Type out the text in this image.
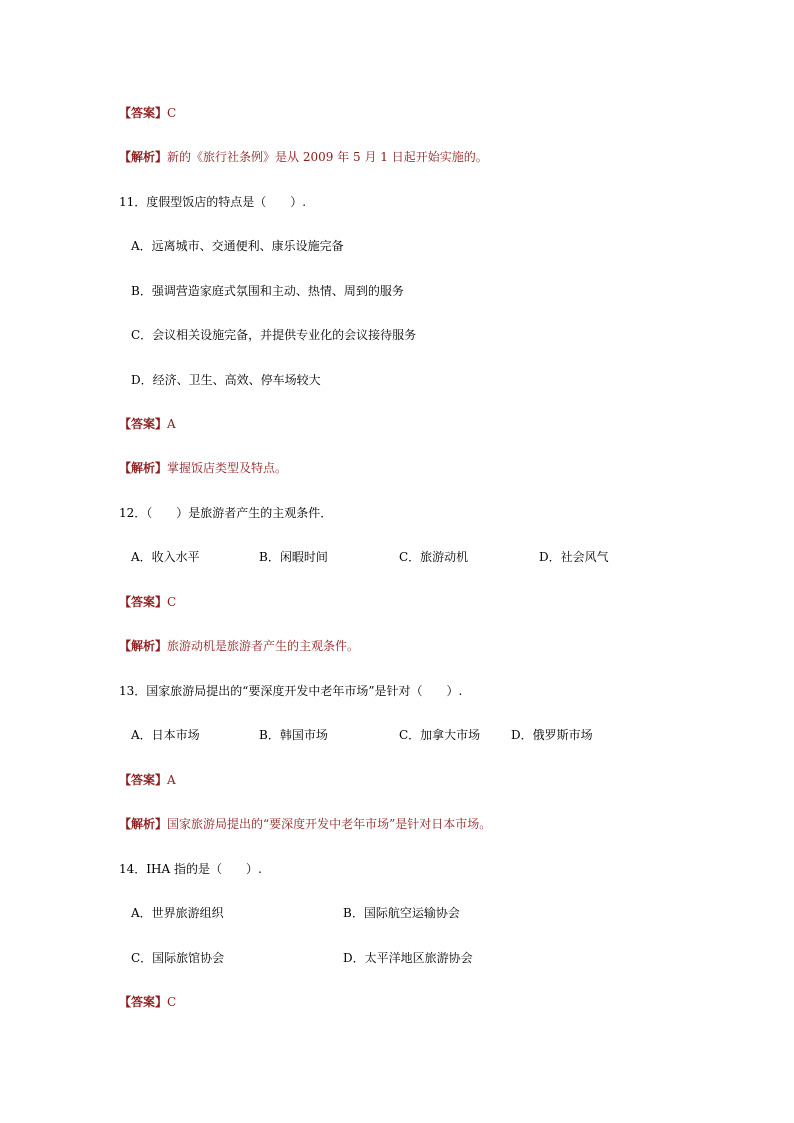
【答案】C
【解析】新的《旅行社条例》是从 2009 年 5 月 1 日起开始实施的。
11．度假型饭店的特点是（　　）.
A．远离城市、交通便利、康乐设施完备
B．强调营造家庭式氛围和主动、热情、周到的服务
C．会议相关设施完备，并提供专业化的会议接待服务
D．经济、卫生、高效、停车场较大
【答案】A
【解析】掌握饭店类型及特点。
12．（　　）是旅游者产生的主观条件．
A．收入水平	B．闲暇时间	C．旅游动机	D．社会风气
【答案】C
【解析】旅游动机是旅游者产生的主观条件。
13．国家旅游局提出的“要深度开发中老年市场”是针对（　　）.
A．日本市场	B．韩国市场	C．加拿大市场	D．俄罗斯市场
【答案】A
【解析】国家旅游局提出的“要深度开发中老年市场”是针对日本市场。
14．IHA 指的是（　　）.
A．世界旅游组织	B．国际航空运输协会
C．国际旅馆协会	D．太平洋地区旅游协会
【答案】C
